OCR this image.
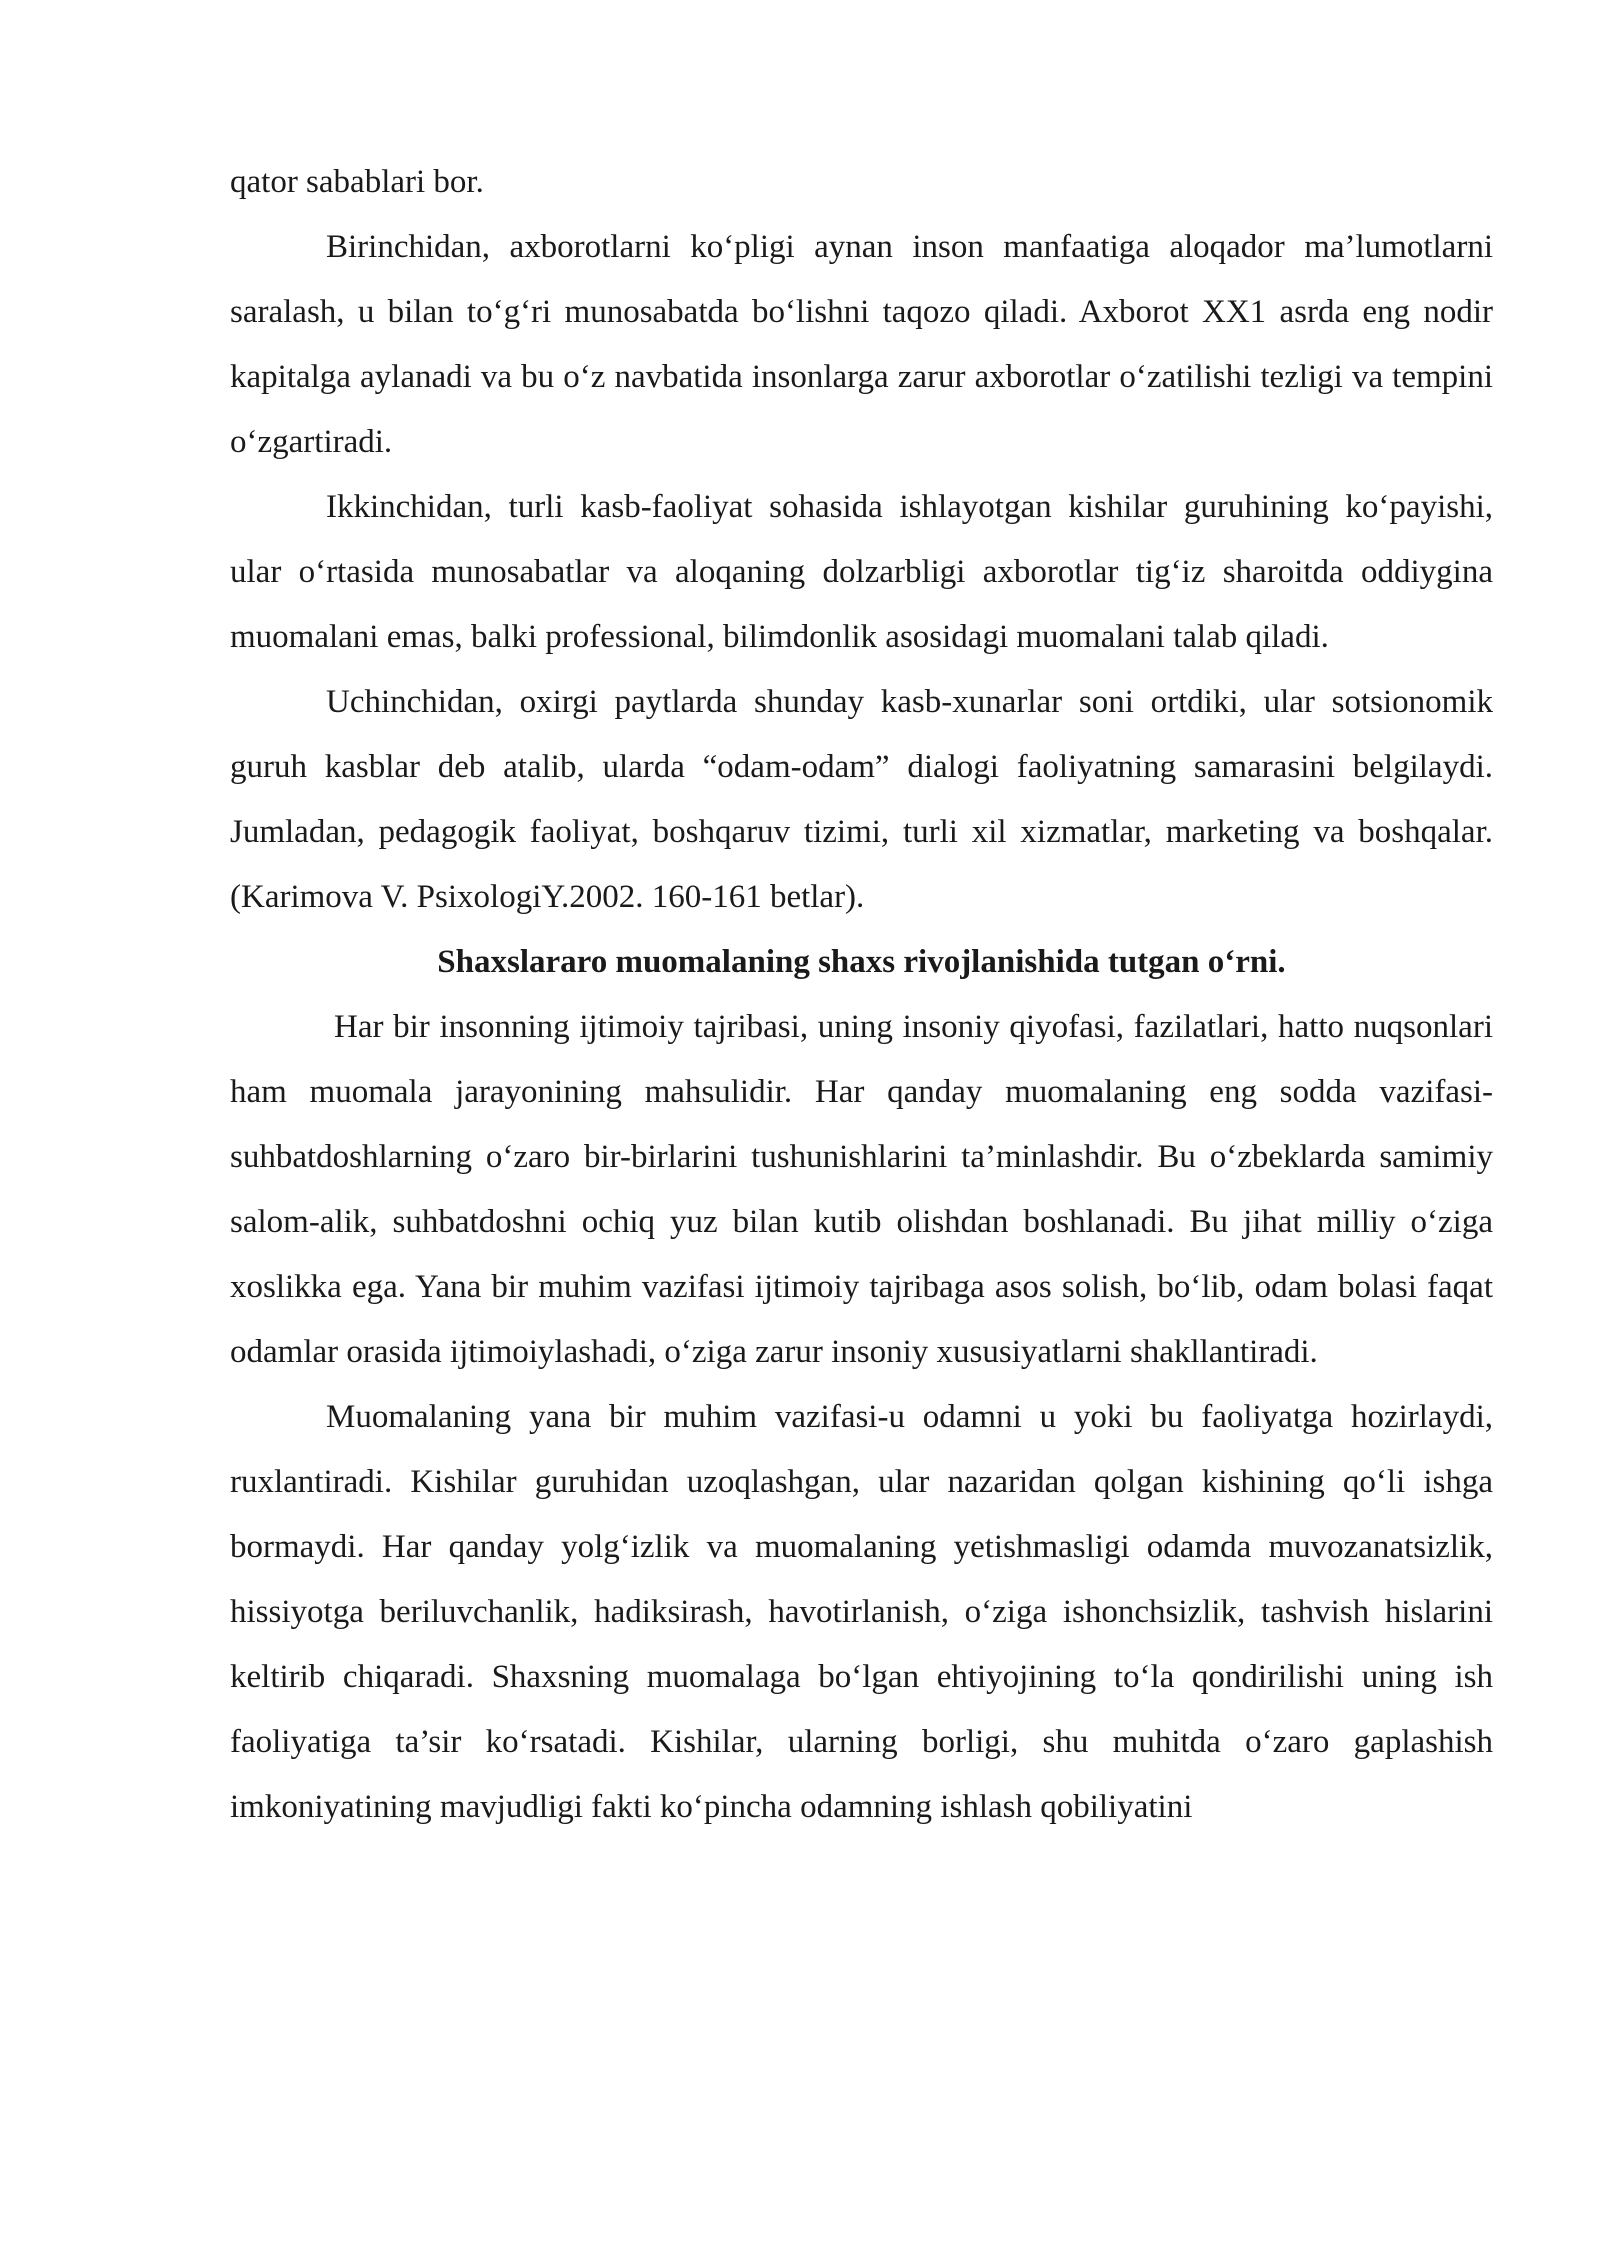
qator sabablari bor.

Birinchidan, axborotlarni ko‘pligi aynan inson manfaatiga aloqador ma’lumotlarni saralash, u bilan to‘g‘ri munosabatda bo‘lishni taqozo qiladi. Axborot XX1 asrda eng nodir kapitalga aylanadi va bu o‘z navbatida insonlarga zarur axborotlar o‘zatilishi tezligi va tempini o‘zgartiradi.

Ikkinchidan, turli kasb-faoliyat sohasida ishlayotgan kishilar guruhining ko‘payishi, ular o‘rtasida munosabatlar va aloqaning dolzarbligi axborotlar tig‘iz sharoitda oddiygina muomalani emas, balki professional, bilimdonlik asosidagi muomalani talab qiladi.

Uchinchidan, oxirgi paytlarda shunday kasb-xunarlar soni ortdiki, ular sotsionomik guruh kasblar deb atalib, ularda “odam-odam” dialogi faoliyatning samarasini belgilaydi. Jumladan, pedagogik faoliyat, boshqaruv tizimi, turli xil xizmatlar, marketing va boshqalar. (Karimova V. PsixologiY.2002. 160-161 betlar).

Shaxslararo muomalaning shaxs rivojlanishida tutgan o‘rni.

Har bir insonning ijtimoiy tajribasi, uning insoniy qiyofasi, fazilatlari, hatto nuqsonlari ham muomala jarayonining mahsulidir. Har qanday muomalaning eng sodda vazifasi-suhbatdoshlarning o‘zaro bir-birlarini tushunishlarini ta’minlashdir. Bu o‘zbeklarda samimiy salom-alik, suhbatdoshni ochiq yuz bilan kutib olishdan boshlanadi. Bu jihat milliy o‘ziga xoslikka ega. Yana bir muhim vazifasi ijtimoiy tajribaga asos solish, bo‘lib, odam bolasi faqat odamlar orasida ijtimoiylashadi, o‘ziga zarur insoniy xususiyatlarni shakllantiradi.

Muomalaning yana bir muhim vazifasi-u odamni u yoki bu faoliyatga hozirlaydi, ruxlantiradi. Kishilar guruhidan uzoqlashgan, ular nazaridan qolgan kishining qo‘li ishga bormaydi. Har qanday yolg‘izlik va muomalaning yetishmasligi odamda muvozanatsizlik, hissiyotga beriluvchanlik, hadiksirash, havotirlanish, o‘ziga ishonchsizlik, tashvish hislarini keltirib chiqaradi. Shaxsning muomalaga bo‘lgan ehtiyojining to‘la qondirilishi uning ish faoliyatiga ta’sir ko‘rsatadi. Kishilar, ularning borligi, shu muhitda o‘zaro gaplashish imkoniyatining mavjudligi fakti ko‘pincha odamning ishlash qobiliyatini
